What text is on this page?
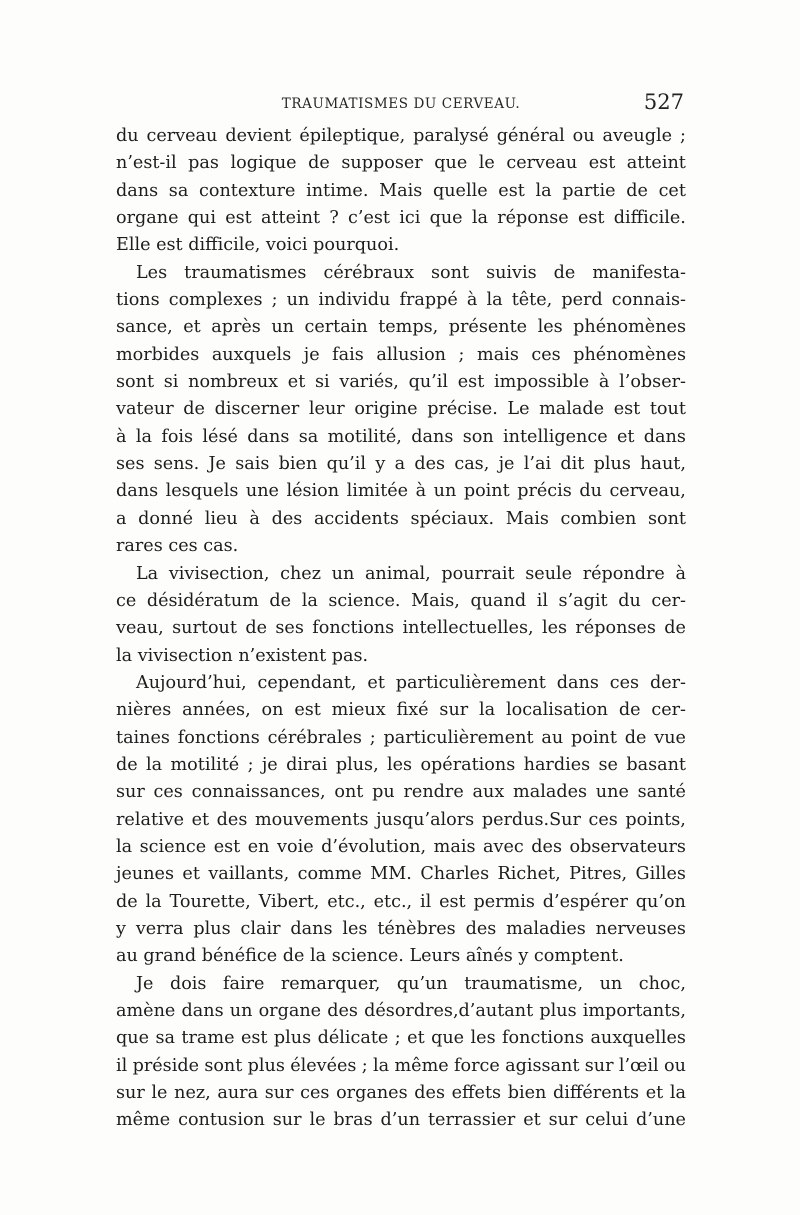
TRAUMATISMES DU CERVEAU.	527
du cerveau devient épileptique, paralysé général ou aveugle ;
n’est-il pas logique de supposer que le cerveau est atteint
dans sa contexture intime. Mais quelle est la partie de cet
organe qui est atteint ? c’est ici que la réponse est difficile.
Elle est difficile, voici pourquoi.
Les traumatismes cérébraux sont suivis de manifesta-
tions complexes ; un individu frappé à la tête, perd connais-
sance, et après un certain temps, présente les phénomènes
morbides auxquels je fais allusion ; mais ces phénomènes
sont si nombreux et si variés, qu’il est impossible à l’obser-
vateur de discerner leur origine précise. Le malade est tout
à la fois lésé dans sa motilité, dans son intelligence et dans
ses sens. Je sais bien qu’il y a des cas, je l’ai dit plus haut,
dans lesquels une lésion limitée à un point précis du cerveau,
a donné lieu à des accidents spéciaux. Mais combien sont
rares ces cas.
La vivisection, chez un animal, pourrait seule répondre à
ce désidératum de la science. Mais, quand il s’agit du cer-
veau, surtout de ses fonctions intellectuelles, les réponses de
la vivisection n’existent pas.
Aujourd’hui, cependant, et particulièrement dans ces der-
nières années, on est mieux fixé sur la localisation de cer-
taines fonctions cérébrales ; particulièrement au point de vue
de la motilité ; je dirai plus, les opérations hardies se basant
sur ces connaissances, ont pu rendre aux malades une santé
relative et des mouvements jusqu’alors perdus.Sur ces points,
la science est en voie d’évolution, mais avec des observateurs
jeunes et vaillants, comme MM. Charles Richet, Pitres, Gilles
de la Tourette, Vibert, etc., etc., il est permis d’espérer qu’on
y verra plus clair dans les ténèbres des maladies nerveuses
au grand bénéfice de la science. Leurs aînés y comptent.
Je dois faire remarquer, qu’un traumatisme, un choc,
amène dans un organe des désordres,d’autant plus importants,
que sa trame est plus délicate ; et que les fonctions auxquelles
il préside sont plus élevées ; la même force agissant sur l’œil ou
sur le nez, aura sur ces organes des effets bien différents et la
même contusion sur le bras d’un terrassier et sur celui d’une
